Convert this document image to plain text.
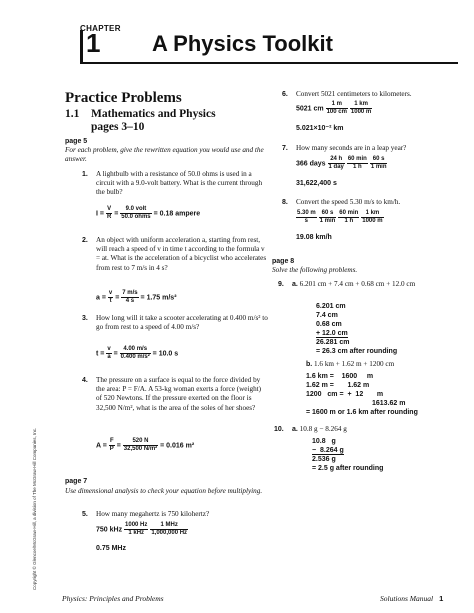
CHAPTER
1 A Physics Toolkit
Copyright © Glencoe/McGraw-Hill, a division of The McGraw-Hill Companies, Inc.
Practice Problems
1.1 Mathematics and Physics
pages 3–10
page 5
For each problem, give the rewritten equation you would use and the answer.
1. A lightbulb with a resistance of 50.0 ohms is used in a circuit with a 9.0-volt battery. What is the current through the bulb?
$I = \frac{V}{R} = \frac{\text{9.0 volt}}{\text{50.0 ohms}} = 0.18$ ampere
2. An object with uniform acceleration a, starting from rest, will reach a speed of v in time t according to the formula v = at. What is the acceleration of a bicyclist who accelerates from rest to 7 m/s in 4 s?
$a = \frac{v}{t} = \frac{7 m/s}{4 s} = 1.75$ m/s²
3. How long will it take a scooter accelerating at 0.400 m/s² to go from rest to a speed of 4.00 m/s?
$t = \frac{v}{a} = \frac{4.00 m/s}{\text{0.400 m/s²}} = 10.0$ s
4. The pressure on a surface is equal to the force divided by the area: P = F/A. A 53-kg woman exerts a force (weight) of 520 Newtons. If the pressure exerted on the floor is 32,500 N/m², what is the area of the soles of her shoes?
$A = \frac{F}{P} = \frac{520 N}{\text{32,500 N/m²}} = 0.016$ m²
page 7
Use dimensional analysis to check your equation before multiplying.
5. How many megahertz is 750 kilohertz?
750 kHz $\frac{1000 Hz}{\text{1 kHz}}$
$\frac{\text{1 MHz}}{1,000,000 Hz}$
0.75 MHz
6. Convert 5021 centimeters to kilometers.
5021 cm $\frac{1 m}{100 cm}$
$\frac{1 km}{1000 m}$
5.021×10⁻² km
7. How many seconds are in a leap year?
366 days $\frac{24 h}{\text{1 day}}$
$\frac{60 \min}{1 h}$
$\frac{60 s}{1 \min}$
31,622,400 s
8. Convert the speed 5.30 m/s to km/h.
$\frac{5.30 m}{s}$
$\frac{60 s}{1 \min}$
$\frac{60 \min}{1 h}$
$\frac{1 km}{1000 m}$
19.08 km/h
page 8
Solve the following problems.
9. a. 6.201 cm + 7.4 cm + 0.68 cm + 12.0 cm
6.201 cm
7.4 cm
0.68 cm
+ 12.0 cm
26.281 cm
= 26.3 cm after rounding
b. 1.6 km + 1.62 m + 1200 cm
1.6 km =    1600     m
1.62 m =       1.62 m
1200   cm =  +  12       m
1613.62 m
= 1600 m or 1.6 km after rounding
10. a. 10.8 g − 8.264 g
10.8   g
−  8.264 g
2.536 g
= 2.5 g after rounding
Physics: Principles and Problems	Solutions Manual 1
